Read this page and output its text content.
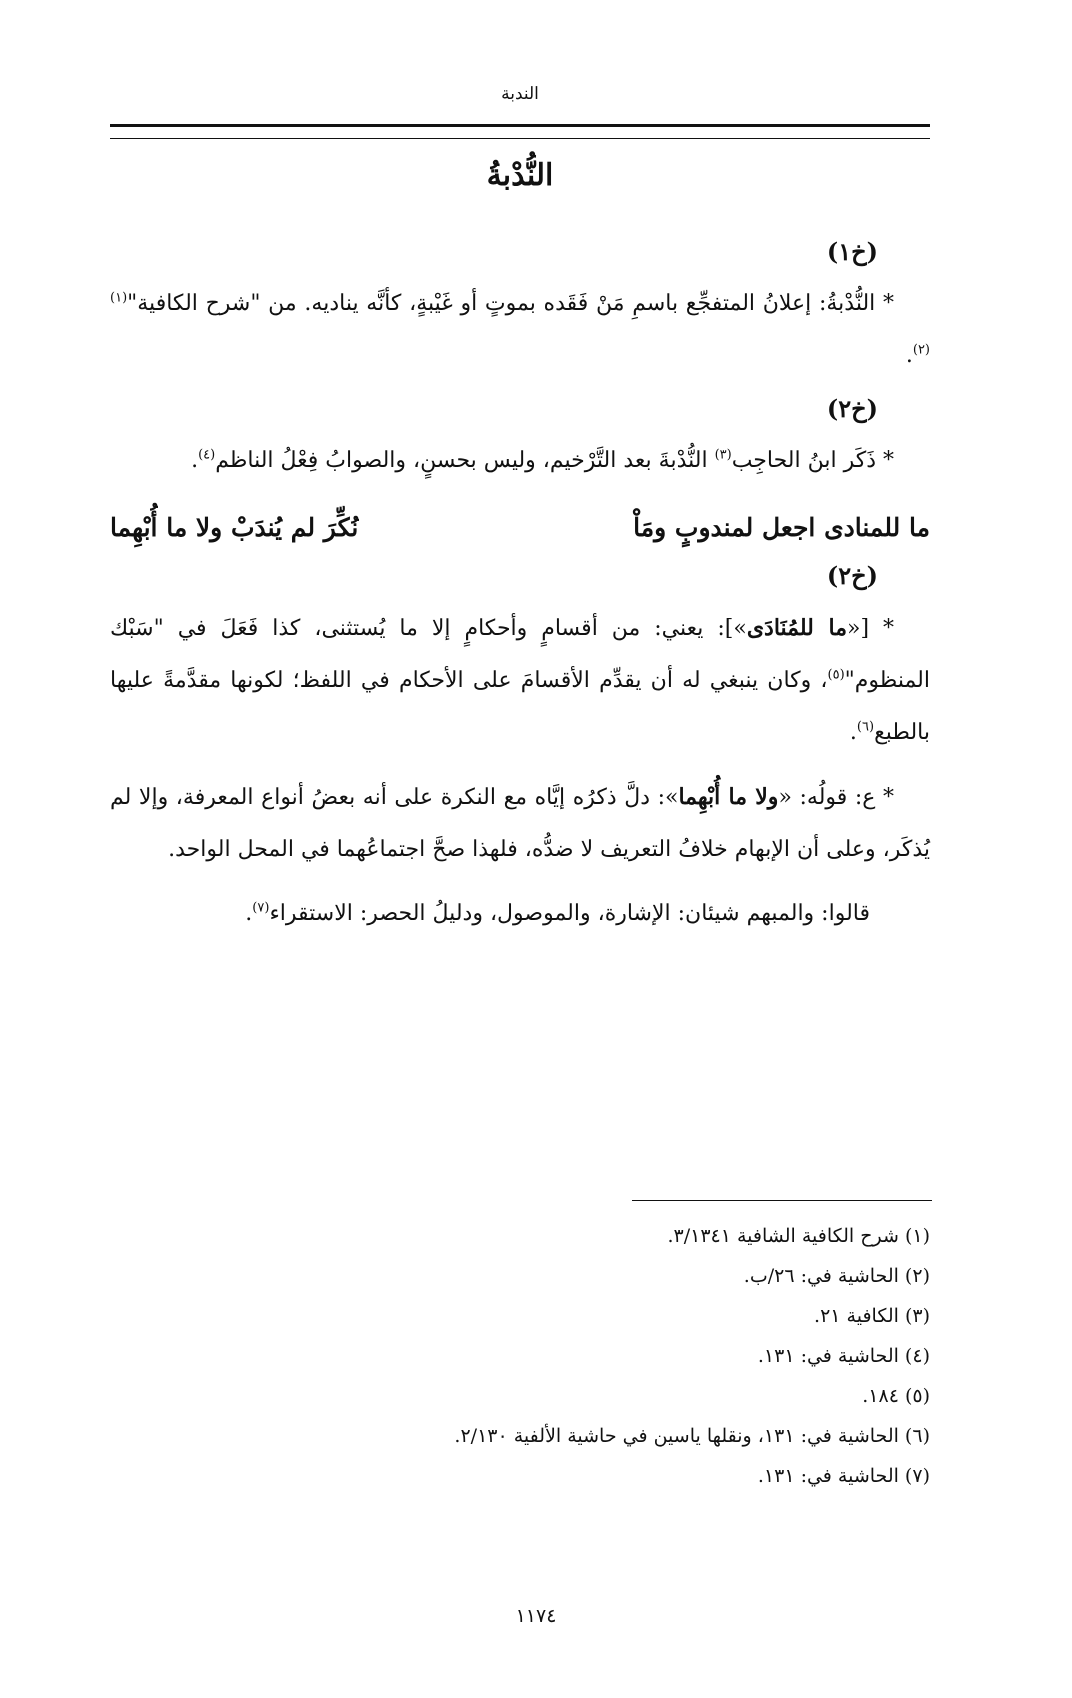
الندبة
النُّدْبةُ
(خ١)

* النُّدْبةُ: إعلانُ المتفجِّع باسمِ مَنْ فَقَده بموتٍ أو غَيْبةٍ، كأنَّه يناديه. من "شرح الكافية"$^{(١)(٢)}$.

(خ٢)

* ذَكَر ابنُ الحاجِب$^{(٣)}$ النُّدْبةَ بعد التَّرْخيم، وليس بحسنٍ، والصوابُ فِعْلُ الناظم$^{(٤)}$.

ما للمنادى اجعل لمندوبٍ ومَاْ
نُكِّرَ لم يُندَبْ ولا ما أُبْهِما
(خ٢)

* [«ما للمُنَادَى»]: يعني: من أقسامٍ وأحكامٍ إلا ما يُستثنى، كذا فَعَلَ في "سَبْك المنظوم"$^{(٥)}$، وكان ينبغي له أن يقدِّم الأقسامَ على الأحكام في اللفظ؛ لكونها مقدَّمةً عليها بالطبع$^{(٦)}$.

* ع: قولُه: «ولا ما أُبْهِما»: دلَّ ذكرُه إيَّاه مع النكرة على أنه بعضُ أنواع المعرفة، وإلا لم يُذكَر، وعلى أن الإبهام خلافُ التعريف لا ضدُّه، فلهذا صحَّ اجتماعُهما في المحل الواحد.

قالوا: والمبهم شيئان: الإشارة، والموصول، ودليلُ الحصر: الاستقراء$^{(٧)}$.

(١) شرح الكافية الشافية ٣/١٣٤١.
(٢) الحاشية في: ٢٦/ب.
(٣) الكافية ٢١.
(٤) الحاشية في: ١٣١.
(٥) ١٨٤.
(٦) الحاشية في: ١٣١، ونقلها ياسين في حاشية الألفية ٢/١٣٠.
(٧) الحاشية في: ١٣١.
١١٧٤
